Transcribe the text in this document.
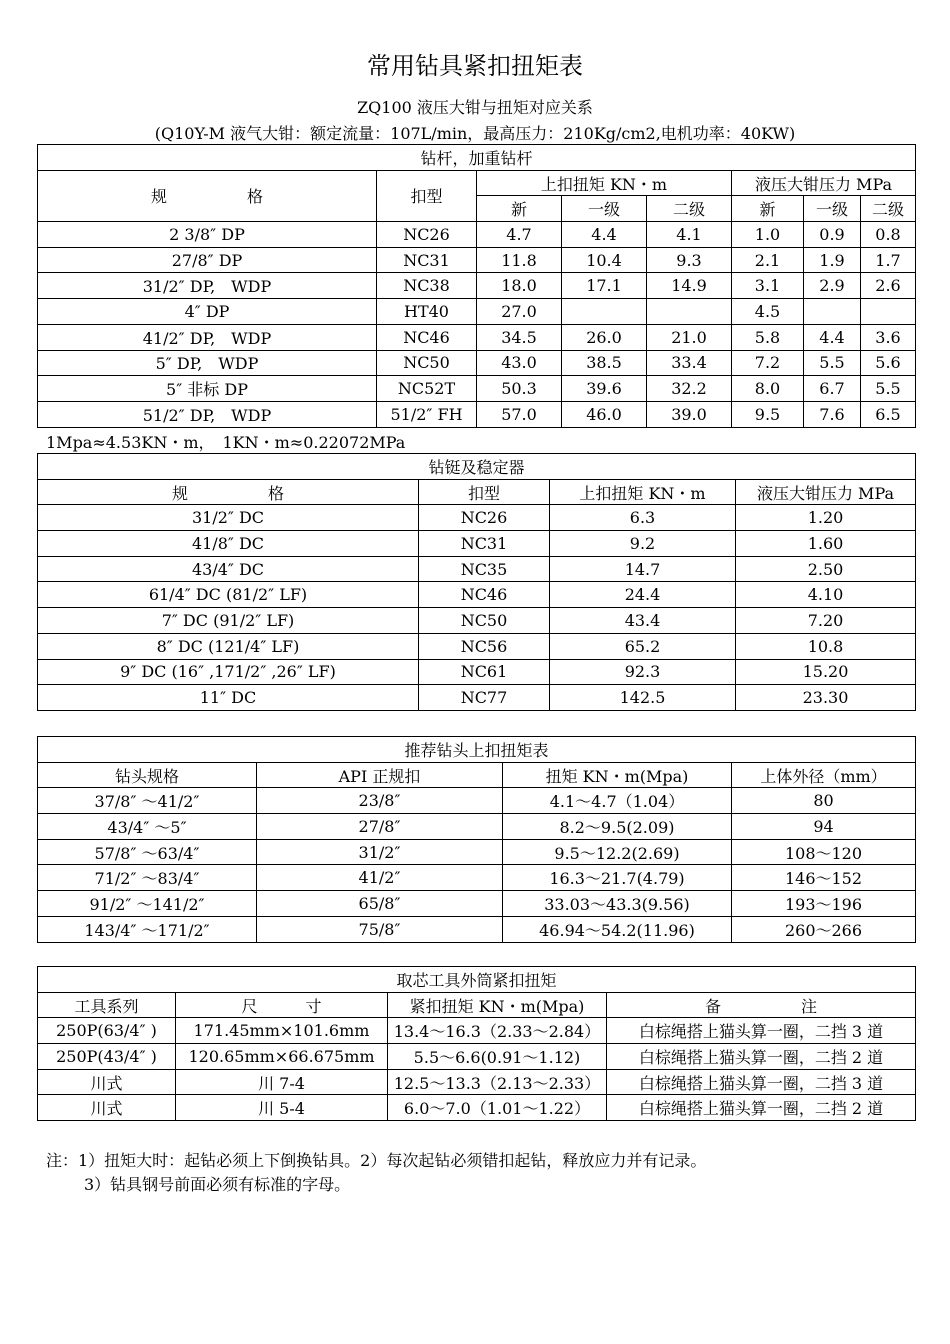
常用钻具紧扣扭矩表
ZQ100 液压大钳与扭矩对应关系
(Q10Y-M 液气大钳：额定流量：107L/min，最高压力：210Kg/cm2,电机功率：40KW)
钻杆，加重钻杆							
规　　　　　格	扣型	上扣扭矩 KN・m			液压大钳压力 MPa		
		新	一级	二级	新	一级	二级
2 3/8″ DP	NC26	4.7	4.4	4.1	1.0	0.9	0.8
27/8″ DP	NC31	11.8	10.4	9.3	2.1	1.9	1.7
31/2″ DP,　WDP	NC38	18.0	17.1	14.9	3.1	2.9	2.6
4″ DP	HT40	27.0			4.5		
41/2″ DP,　WDP	NC46	34.5	26.0	21.0	5.8	4.4	3.6
5″ DP,　WDP	NC50	43.0	38.5	33.4	7.2	5.5	5.6
5″ 非标 DP	NC52T	50.3	39.6	32.2	8.0	6.7	5.5
51/2″ DP,　WDP	51/2″ FH	57.0	46.0	39.0	9.5	7.6	6.5
1Mpa≈4.53KN・m，　1KN・m≈0.22072MPa
钻铤及稳定器			
规　　　　　格	扣型	上扣扭矩 KN・m	液压大钳压力 MPa
31/2″ DC	NC26	6.3	1.20
41/8″ DC	NC31	9.2	1.60
43/4″ DC	NC35	14.7	2.50
61/4″ DC (81/2″ LF)	NC46	24.4	4.10
7″ DC (91/2″ LF)	NC50	43.4	7.20
8″ DC (121/4″ LF)	NC56	65.2	10.8
9″ DC (16″ ,171/2″ ,26″ LF)	NC61	92.3	15.20
11″ DC	NC77	142.5	23.30
推荐钻头上扣扭矩表			
钻头规格	API 正规扣	扭矩 KN・m(Mpa)	上体外径（mm）
37/8″ ～41/2″	23/8″	4.1～4.7（1.04）	80
43/4″ ～5″	27/8″	8.2～9.5(2.09)	94
57/8″ ～63/4″	31/2″	9.5～12.2(2.69)	108～120
71/2″ ～83/4″	41/2″	16.3～21.7(4.79)	146～152
91/2″ ～141/2″	65/8″	33.03～43.3(9.56)	193～196
143/4″ ～171/2″	75/8″	46.94～54.2(11.96)	260～266
取芯工具外筒紧扣扭矩			
工具系列	尺　　　寸	紧扣扭矩 KN・m(Mpa)	备　　　　　注
250P(63/4″ )	171.45mm×101.6mm	13.4～16.3（2.33～2.84）	白棕绳搭上猫头算一圈，二挡 3 道
250P(43/4″ )	120.65mm×66.675mm	5.5～6.6(0.91～1.12)	白棕绳搭上猫头算一圈，二挡 2 道
川式	川 7-4	12.5～13.3（2.13～2.33）	白棕绳搭上猫头算一圈，二挡 3 道
川式	川 5-4	6.0～7.0（1.01～1.22）	白棕绳搭上猫头算一圈，二挡 2 道
注：1）扭矩大时：起钻必须上下倒换钻具。2）每次起钻必须错扣起钻，释放应力并有记录。
3）钻具钢号前面必须有标准的字母。
